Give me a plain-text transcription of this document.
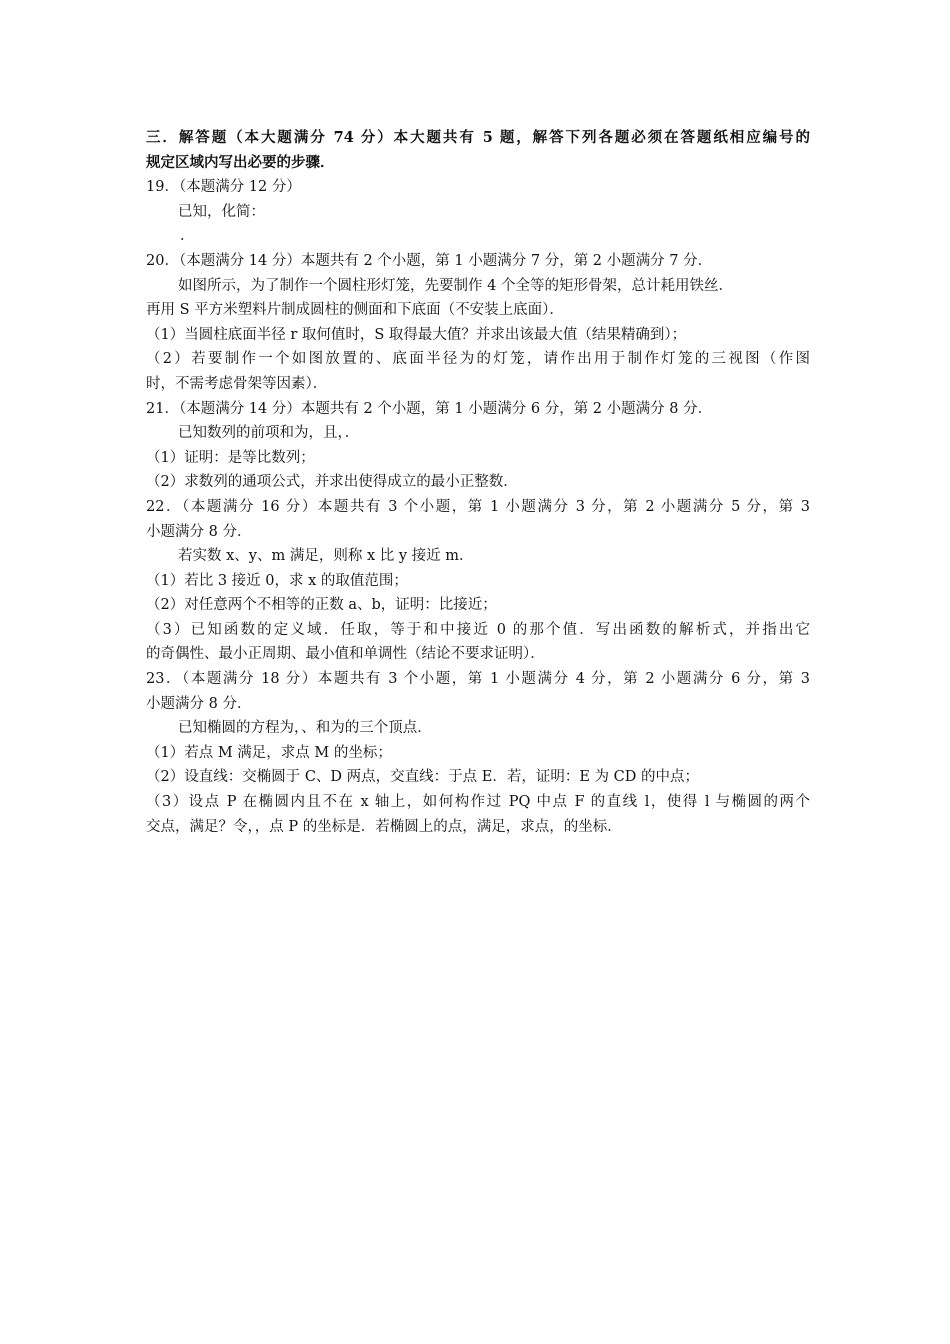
三．解答题（本大题满分 74 分）本大题共有 5 题，解答下列各题必须在答题纸相应编号的
规定区域内写出必要的步骤．
19．（本题满分 12 分）
已知，化简：
．
20．（本题满分 14 分）本题共有 2 个小题，第 1 小题满分 7 分，第 2 小题满分 7 分．
如图所示，为了制作一个圆柱形灯笼，先要制作 4 个全等的矩形骨架，总计耗用铁丝．
再用 S 平方米塑料片制成圆柱的侧面和下底面（不安装上底面）．
（1）当圆柱底面半径 r 取何值时，S 取得最大值？并求出该最大值（结果精确到）；
（2）若要制作一个如图放置的、底面半径为的灯笼，请作出用于制作灯笼的三视图（作图
时，不需考虑骨架等因素）．
21．（本题满分 14 分）本题共有 2 个小题，第 1 小题满分 6 分，第 2 小题满分 8 分．
已知数列的前项和为，且，．
（1）证明：是等比数列；
（2）求数列的通项公式，并求出使得成立的最小正整数．
22．（本题满分 16 分）本题共有 3 个小题，第 1 小题满分 3 分，第 2 小题满分 5 分，第 3
小题满分 8 分．
若实数 x、y、m 满足，则称 x 比 y 接近 m．
（1）若比 3 接近 0，求 x 的取值范围；
（2）对任意两个不相等的正数 a、b，证明：比接近；
（3）已知函数的定义域．任取，等于和中接近 0 的那个值．写出函数的解析式，并指出它
的奇偶性、最小正周期、最小值和单调性（结论不要求证明）．
23．（本题满分 18 分）本题共有 3 个小题，第 1 小题满分 4 分，第 2 小题满分 6 分，第 3
小题满分 8 分．
已知椭圆的方程为，、和为的三个顶点．
（1）若点 M 满足，求点 M 的坐标；
（2）设直线：交椭圆于 C、D 两点，交直线：于点 E．若，证明：E 为 CD 的中点；
（3）设点 P 在椭圆内且不在 x 轴上，如何构作过 PQ 中点 F 的直线 l，使得 l 与椭圆的两个
交点，满足？令，，点 P 的坐标是．若椭圆上的点，满足，求点，的坐标．
